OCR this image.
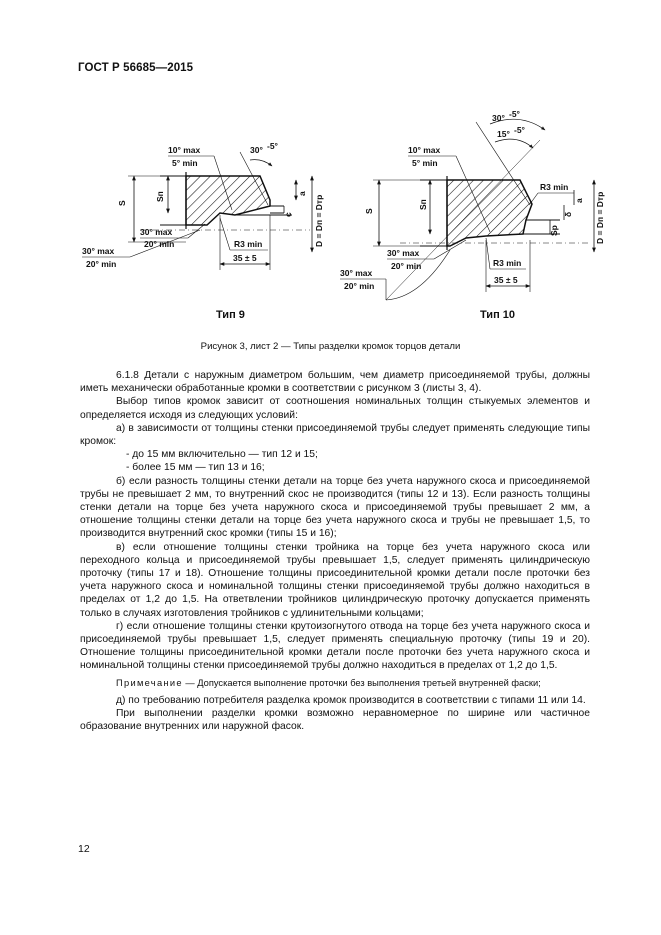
ГОСТ Р 56685—2015
S
Sп	a
c D = Dп = Dтр
10° max
5° min
30° -5°
30° max
20° min
30° max
20° min
R3 min
35 ± 5
Тип 9
S
Sп	a
δ
Sр	D = Dп = Dтр
30° -5°
15° -5°
10° max
5° min
R3 min
30° max
20° min	R3 min
35 ± 5
30° max
20° min
Тип 10
Рисунок 3, лист 2 — Типы разделки кромок торцов детали

6.1.8 Детали с наружным диаметром большим, чем диаметр присоединяемой трубы, должны иметь механически обработанные кромки в соответствии с рисунком 3 (листы 3, 4).

Выбор типов кромок зависит от соотношения номинальных толщин стыкуемых элементов и определяется исходя из следующих условий:

а) в зависимости от толщины стенки присоединяемой трубы следует применять следующие типы кромок:

- до 15 мм включительно — тип 12 и 15;

- более 15 мм — тип 13 и 16;

б) если разность толщины стенки детали на торце без учета наружного скоса и присоединяемой трубы не превышает 2 мм, то внутренний скос не производится (типы 12 и 13). Если разность толщины стенки детали на торце без учета наружного скоса и присоединяемой трубы превышает 2 мм, а отношение толщины стенки детали на торце без учета наружного скоса и трубы не превышает 1,5, то производится внутренний скос кромки (типы 15 и 16);

в) если отношение толщины стенки тройника на торце без учета наружного скоса или переходного кольца и присоединяемой трубы превышает 1,5, следует применять цилиндрическую проточку (типы 17 и 18). Отношение толщины присоединительной кромки детали после проточки без учета наружного скоса и номинальной толщины стенки присоединяемой трубы должно находиться в пределах от 1,2 до 1,5. На ответвлении тройников цилиндрическую проточку допускается применять только в случаях изготовления тройников с удлинительными кольцами;

г) если отношение толщины стенки крутоизогнутого отвода на торце без учета наружного скоса и присоединяемой трубы превышает 1,5, следует применять специальную проточку (типы 19 и 20). Отношение толщины присоединительной кромки детали после проточки без учета наружного скоса и номинальной толщины стенки присоединяемой трубы должно находиться в пределах от 1,2 до 1,5.

Примечание — Допускается выполнение проточки без выполнения третьей внутренней фаски;

д) по требованию потребителя разделка кромок производится в соответствии с типами 11 или 14.

При выполнении разделки кромки возможно неравномерное по ширине или частичное образование внутренних или наружной фасок.

12
